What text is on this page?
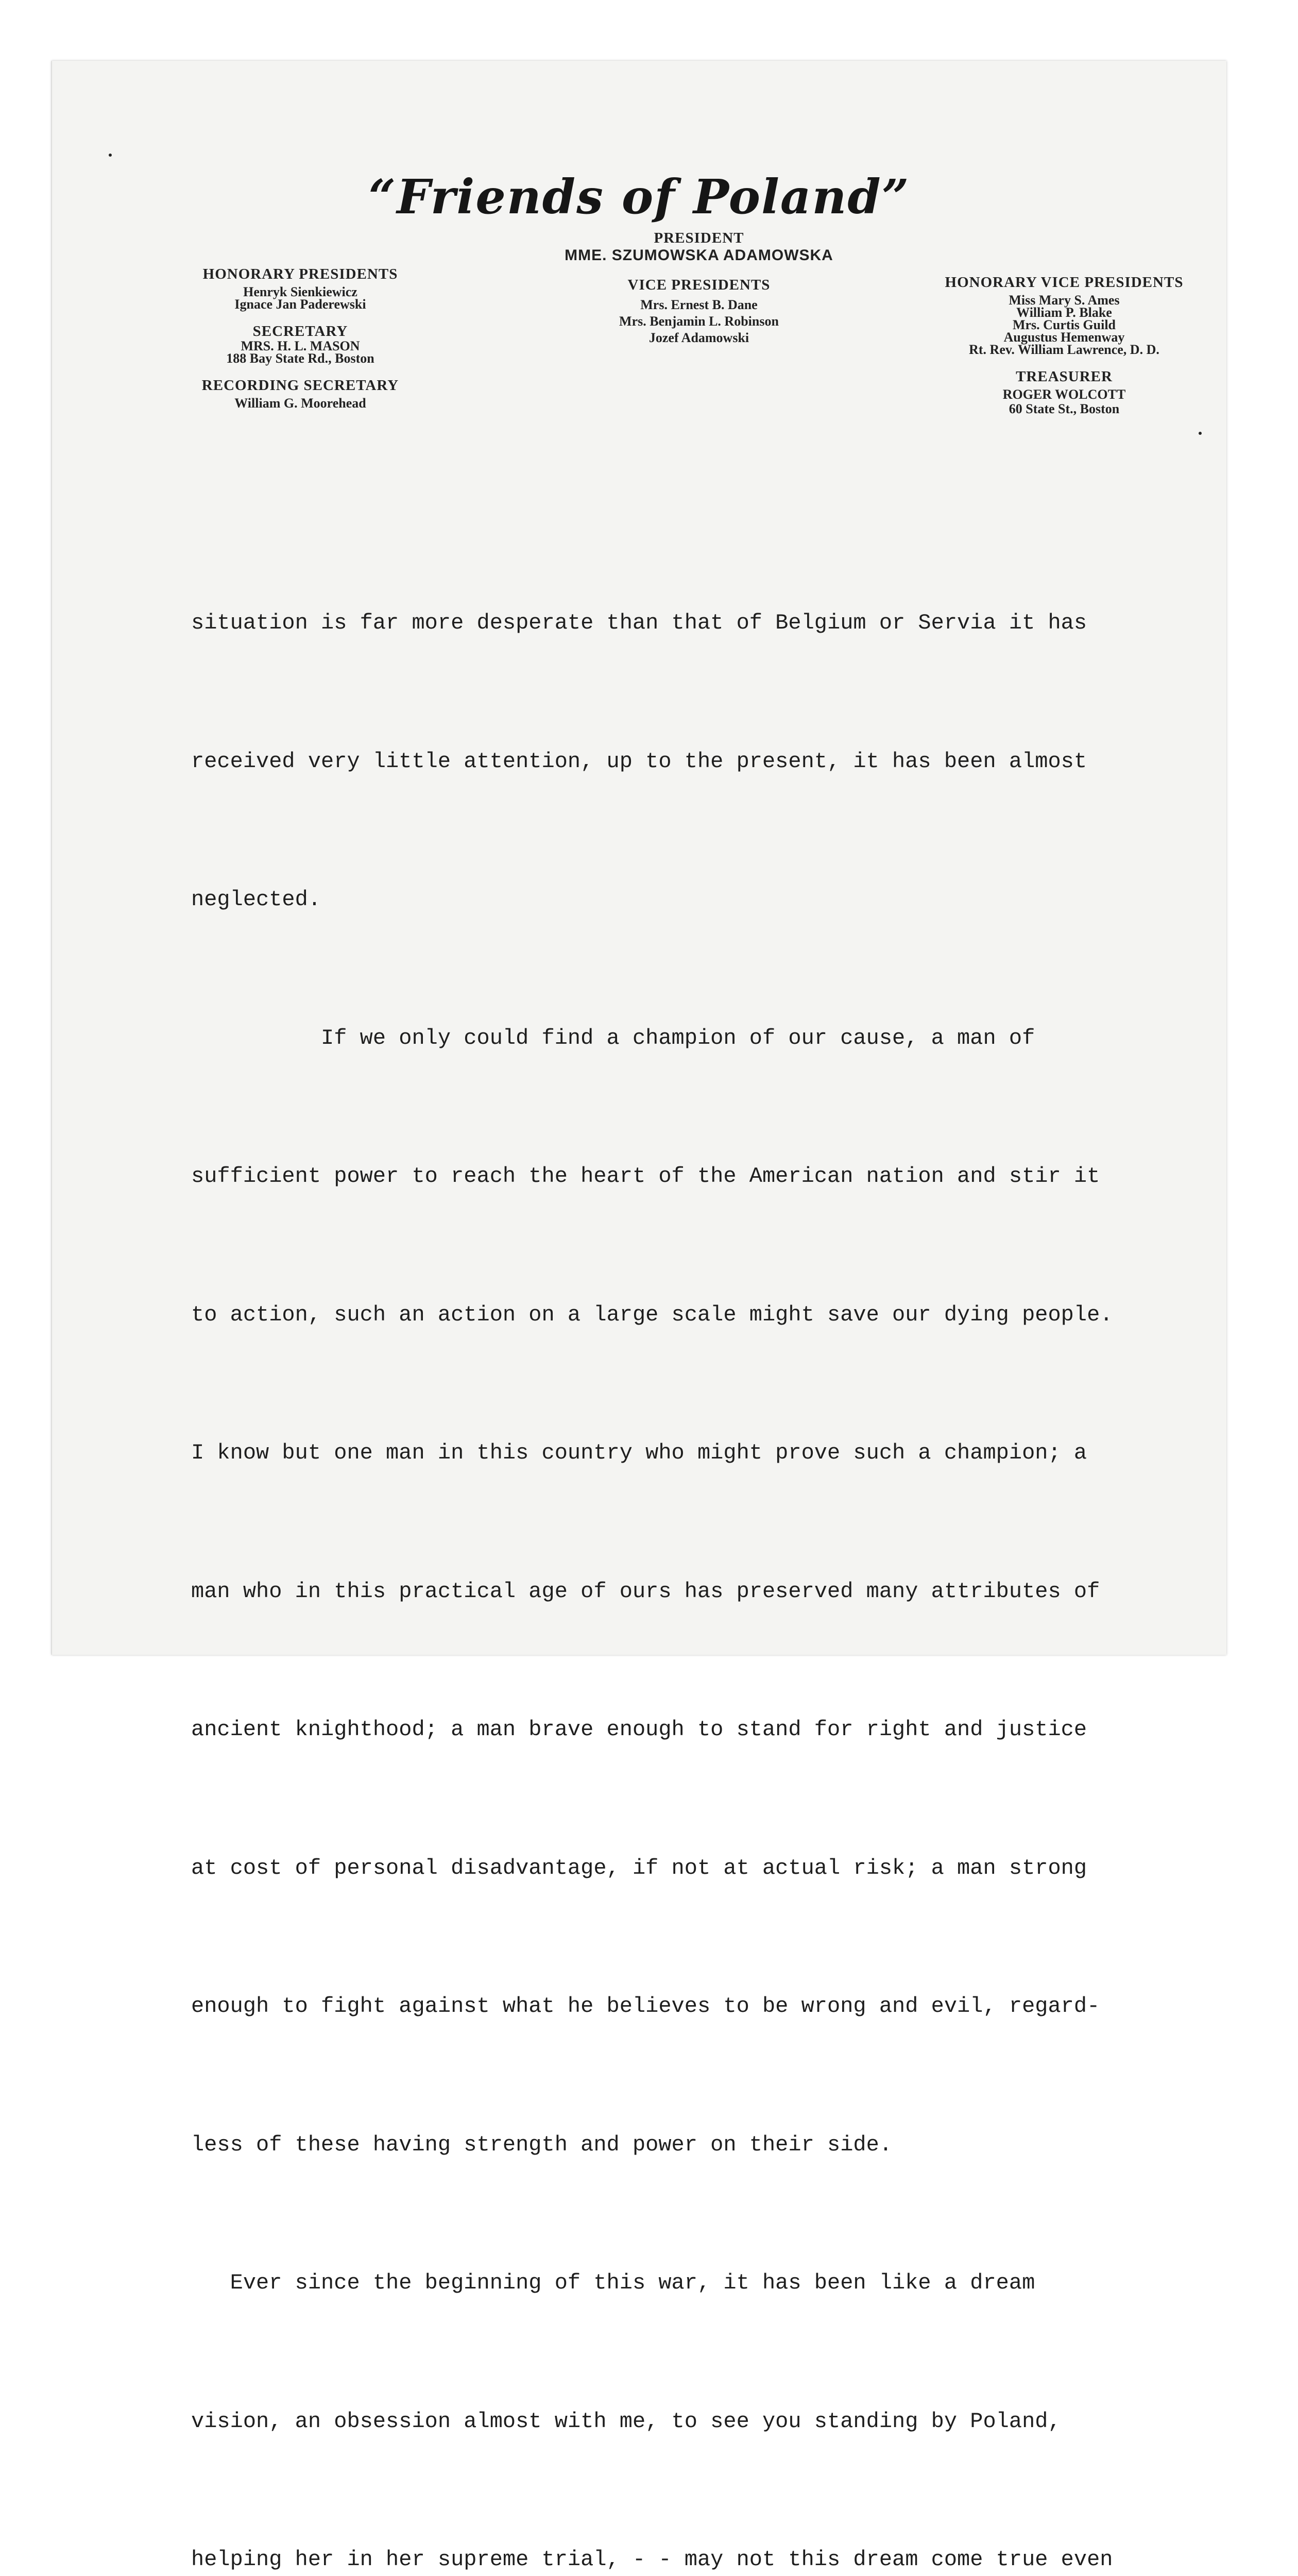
“Friends of Poland”
PRESIDENT
MME. SZUMOWSKA ADAMOWSKA
VICE PRESIDENTS
Mrs. Ernest B. Dane
Mrs. Benjamin L. Robinson
Jozef Adamowski
HONORARY PRESIDENTS
Henryk Sienkiewicz
Ignace Jan Paderewski
SECRETARY
MRS. H. L. MASON
188 Bay State Rd., Boston
RECORDING SECRETARY
William G. Moorehead
HONORARY VICE PRESIDENTS
Miss Mary S. Ames
William P. Blake
Mrs. Curtis Guild
Augustus Hemenway
Rt. Rev. William Lawrence, D. D.
TREASURER
ROGER WOLCOTT
60 State St., Boston

situation is far more desperate than that of Belgium or Servia it has

received very little attention, up to the present, it has been almost

neglected.

If we only could find a champion of our cause, a man of

sufficient power to reach the heart of the American nation and stir it

to action, such an action on a large scale might save our dying people.

I know but one man in this country who might prove such a champion; a

man who in this practical age of ours has preserved many attributes of

ancient knighthood; a man brave enough to stand for right and justice

at cost of personal disadvantage, if not at actual risk; a man strong

enough to fight against what he believes to be wrong and evil, regard-

less of these having strength and power on their side.

Ever since the beginning of this war, it has been like a dream

vision, an obsession almost with me, to see you standing by Poland,

helping her in her supreme trial, - - may not this dream come true even
